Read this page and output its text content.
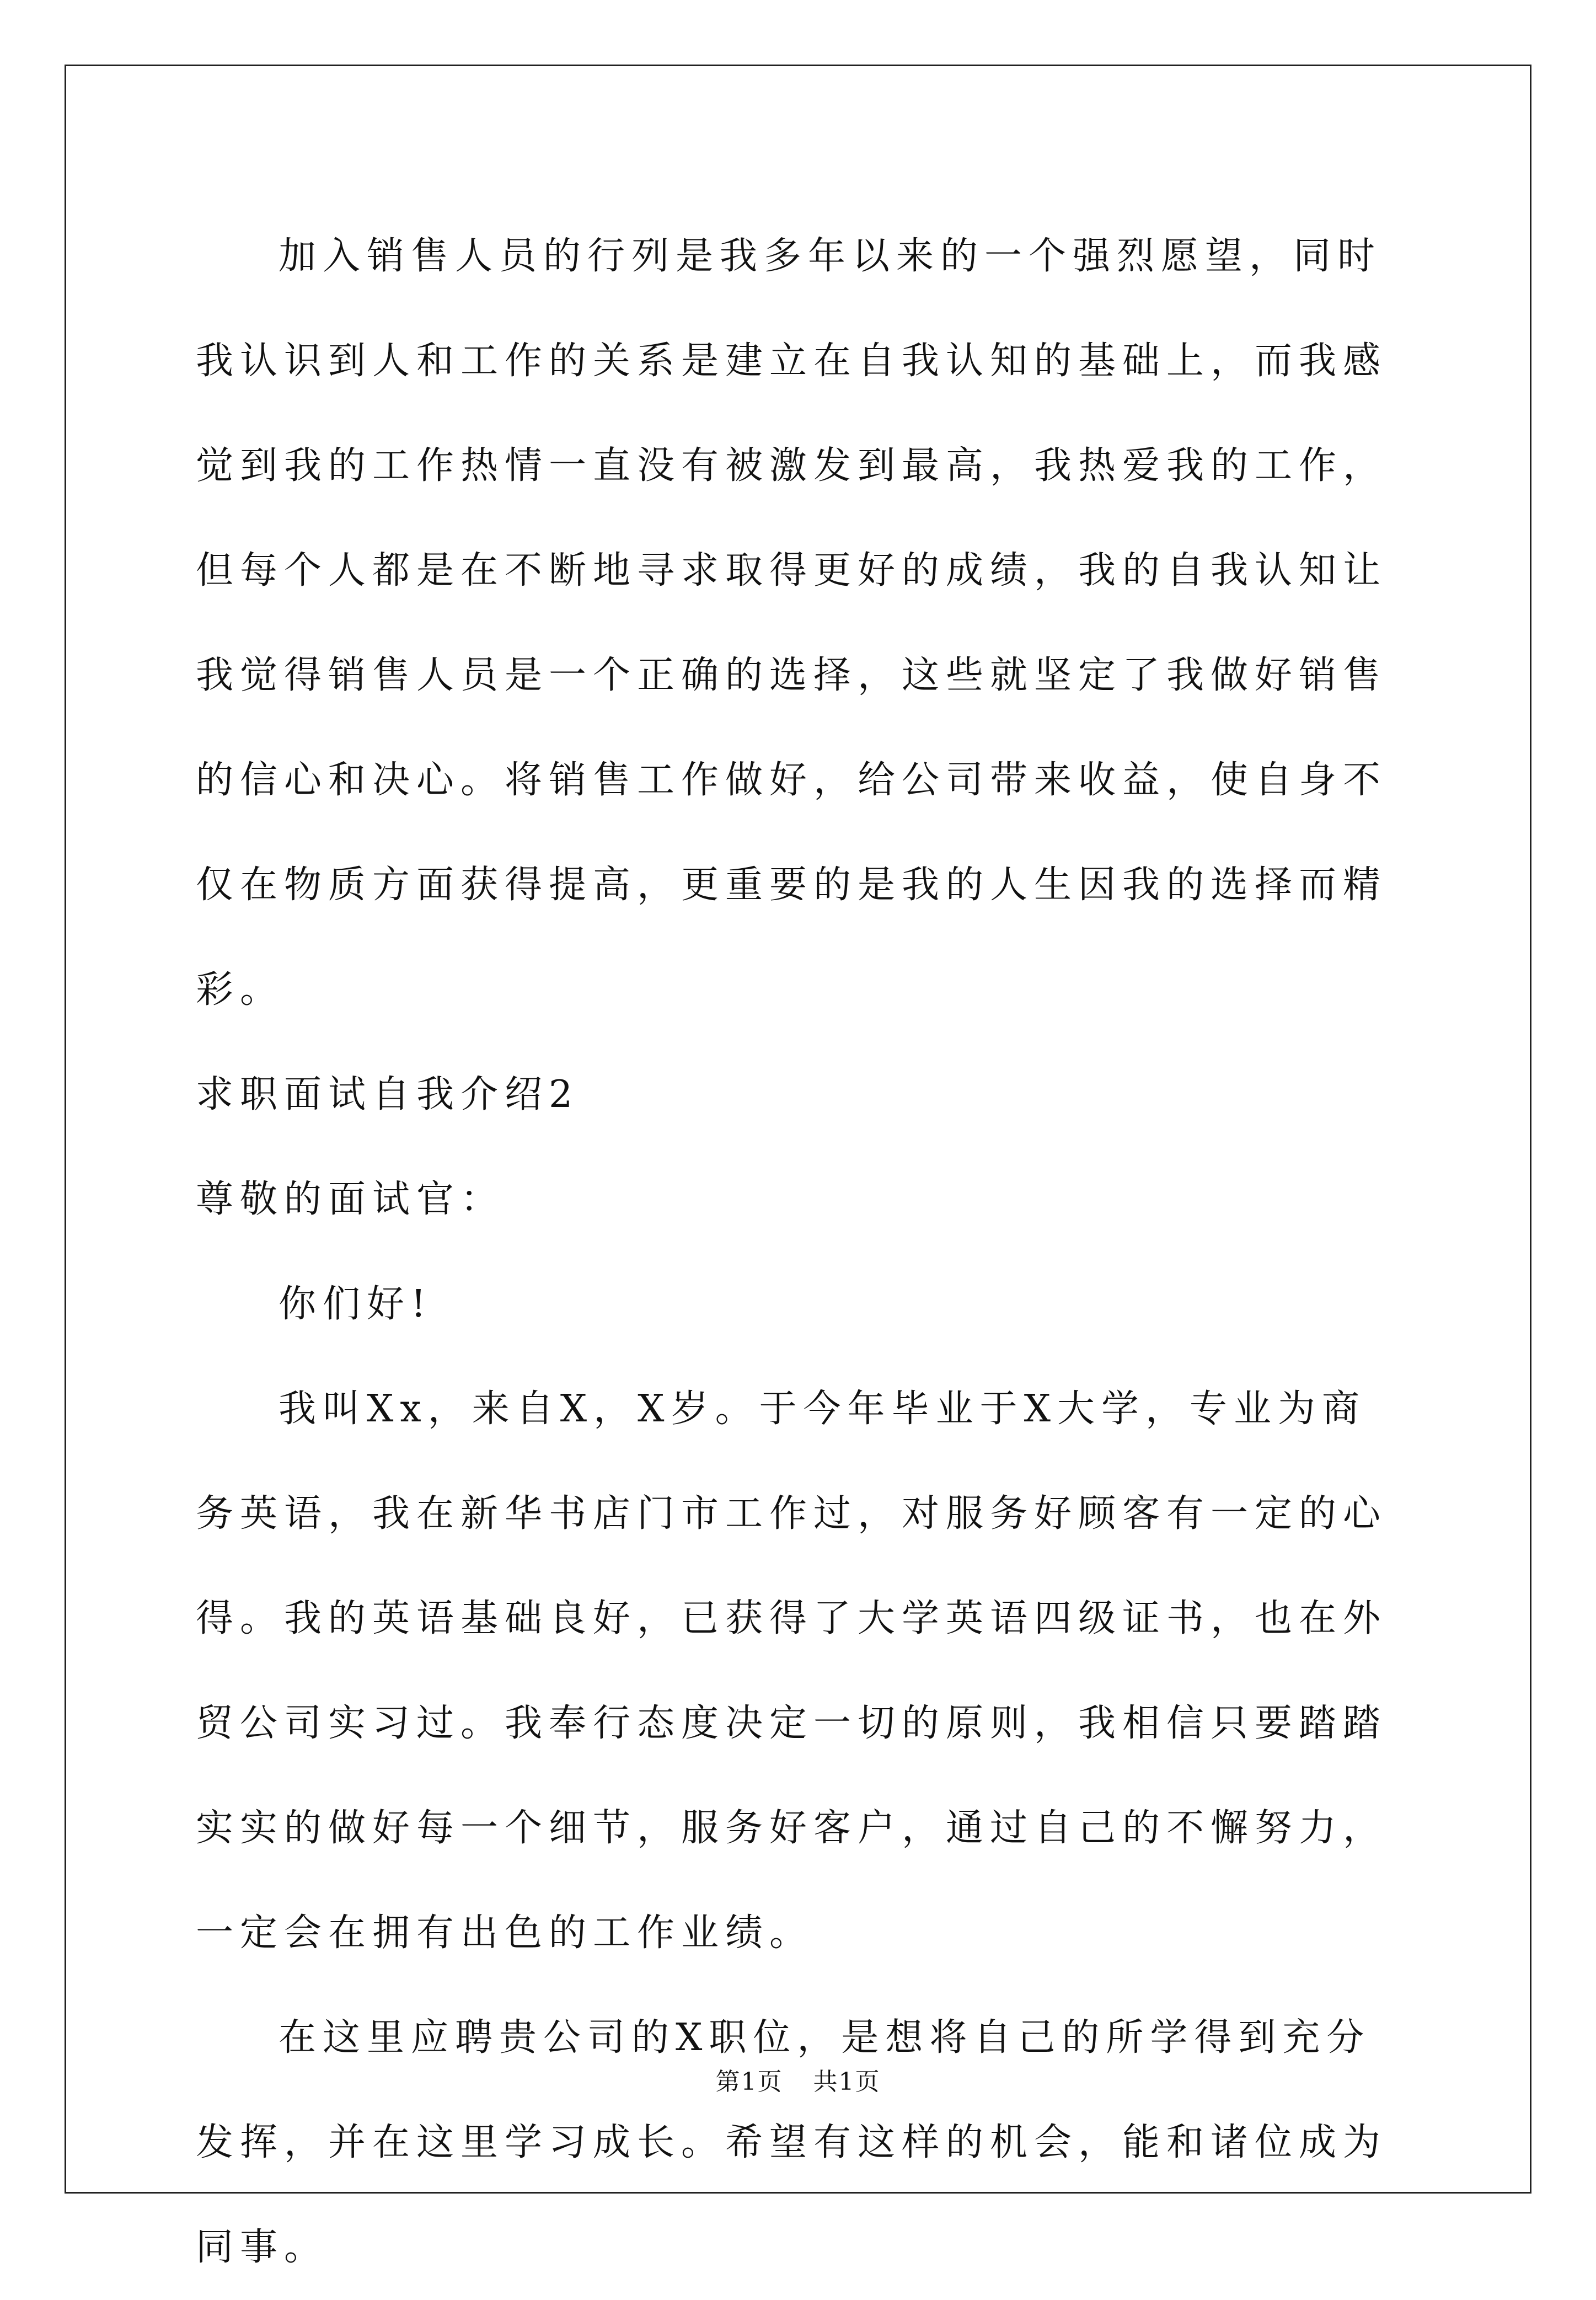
加入销售人员的行列是我多年以来的一个强烈愿望，同时我认识到人和工作的关系是建立在自我认知的基础上，而我感觉到我的工作热情一直没有被激发到最高，我热爱我的工作，但每个人都是在不断地寻求取得更好的成绩，我的自我认知让我觉得销售人员是一个正确的选择，这些就坚定了我做好销售的信心和决心。将销售工作做好，给公司带来收益，使自身不仅在物质方面获得提高，更重要的是我的人生因我的选择而精彩。

求职面试自我介绍2

尊敬的面试官：

你们好!

我叫Xx，来自X，X岁。于今年毕业于X大学，专业为商务英语，我在新华书店门市工作过，对服务好顾客有一定的心得。我的英语基础良好，已获得了大学英语四级证书，也在外贸公司实习过。我奉行态度决定一切的原则，我相信只要踏踏实实的做好每一个细节，服务好客户，通过自己的不懈努力，一定会在拥有出色的工作业绩。

在这里应聘贵公司的X职位，是想将自己的所学得到充分发挥，并在这里学习成长。希望有这样的机会，能和诸位成为同事。

第1页 共1页
